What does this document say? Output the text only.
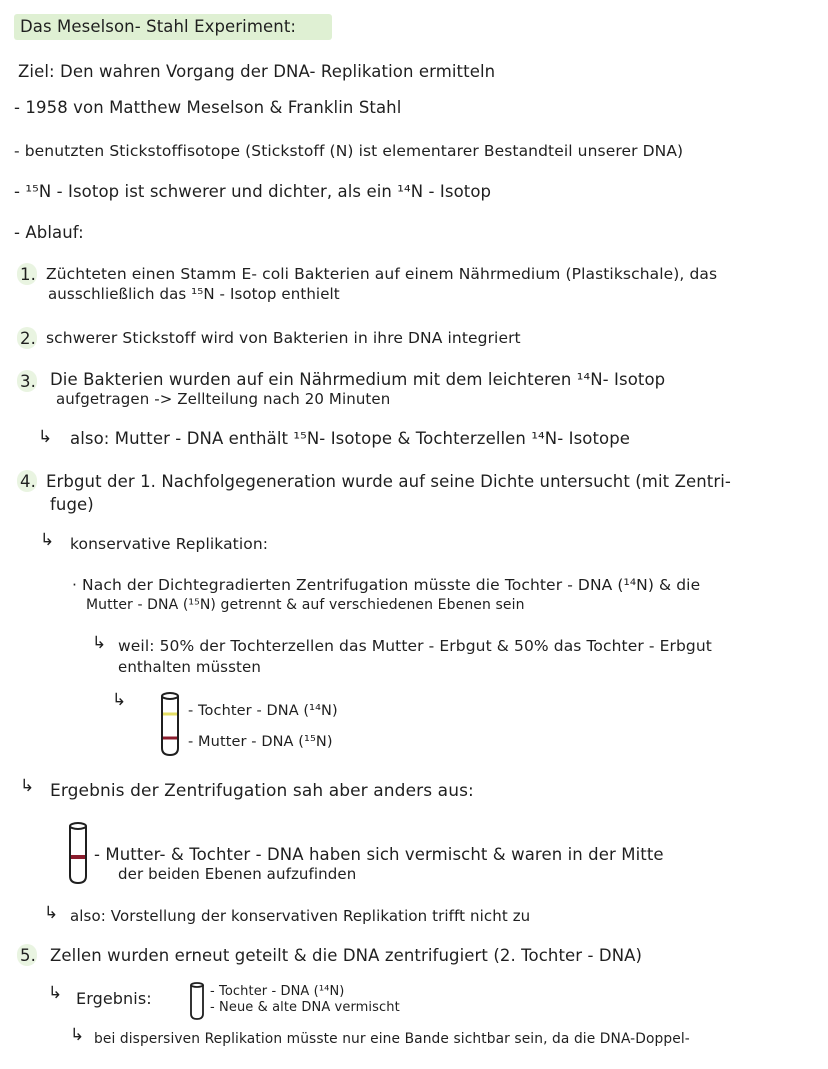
Das Meselson- Stahl Experiment:
Ziel: Den wahren Vorgang der DNA- Replikation ermitteln
- 1958 von Matthew Meselson & Franklin Stahl
- benutzten Stickstoffisotope (Stickstoff (N) ist elementarer Bestandteil unserer DNA)
- ¹⁵N - Isotop ist schwerer und dichter, als ein ¹⁴N - Isotop
- Ablauf:
1. Züchteten einen Stamm E- coli Bakterien auf einem Nährmedium (Plastikschale), das
ausschließlich das ¹⁵N - Isotop enthielt
2. schwerer Stickstoff wird von Bakterien in ihre DNA integriert
3. Die Bakterien wurden auf ein Nährmedium mit dem leichteren ¹⁴N- Isotop
aufgetragen -> Zellteilung nach 20 Minuten
↳ also: Mutter - DNA enthält ¹⁵N- Isotope & Tochterzellen ¹⁴N- Isotope
4. Erbgut der 1. Nachfolgegeneration wurde auf seine Dichte untersucht (mit Zentri-
fuge)
↳ konservative Replikation:
· Nach der Dichtegradierten Zentrifugation müsste die Tochter - DNA (¹⁴N) & die
Mutter - DNA (¹⁵N) getrennt & auf verschiedenen Ebenen sein
↳ weil: 50% der Tochterzellen das Mutter - Erbgut & 50% das Tochter - Erbgut
enthalten müssten
↳
- Tochter - DNA (¹⁴N)
- Mutter - DNA (¹⁵N)
↳ Ergebnis der Zentrifugation sah aber anders aus:
- Mutter- & Tochter - DNA haben sich vermischt & waren in der Mitte
der beiden Ebenen aufzufinden
↳ also: Vorstellung der konservativen Replikation trifft nicht zu
5. Zellen wurden erneut geteilt & die DNA zentrifugiert (2. Tochter - DNA)
↳ Ergebnis:	- Tochter - DNA (¹⁴N)
- Neue & alte DNA vermischt
↳ bei dispersiven Replikation müsste nur eine Bande sichtbar sein, da die DNA-Doppel-
